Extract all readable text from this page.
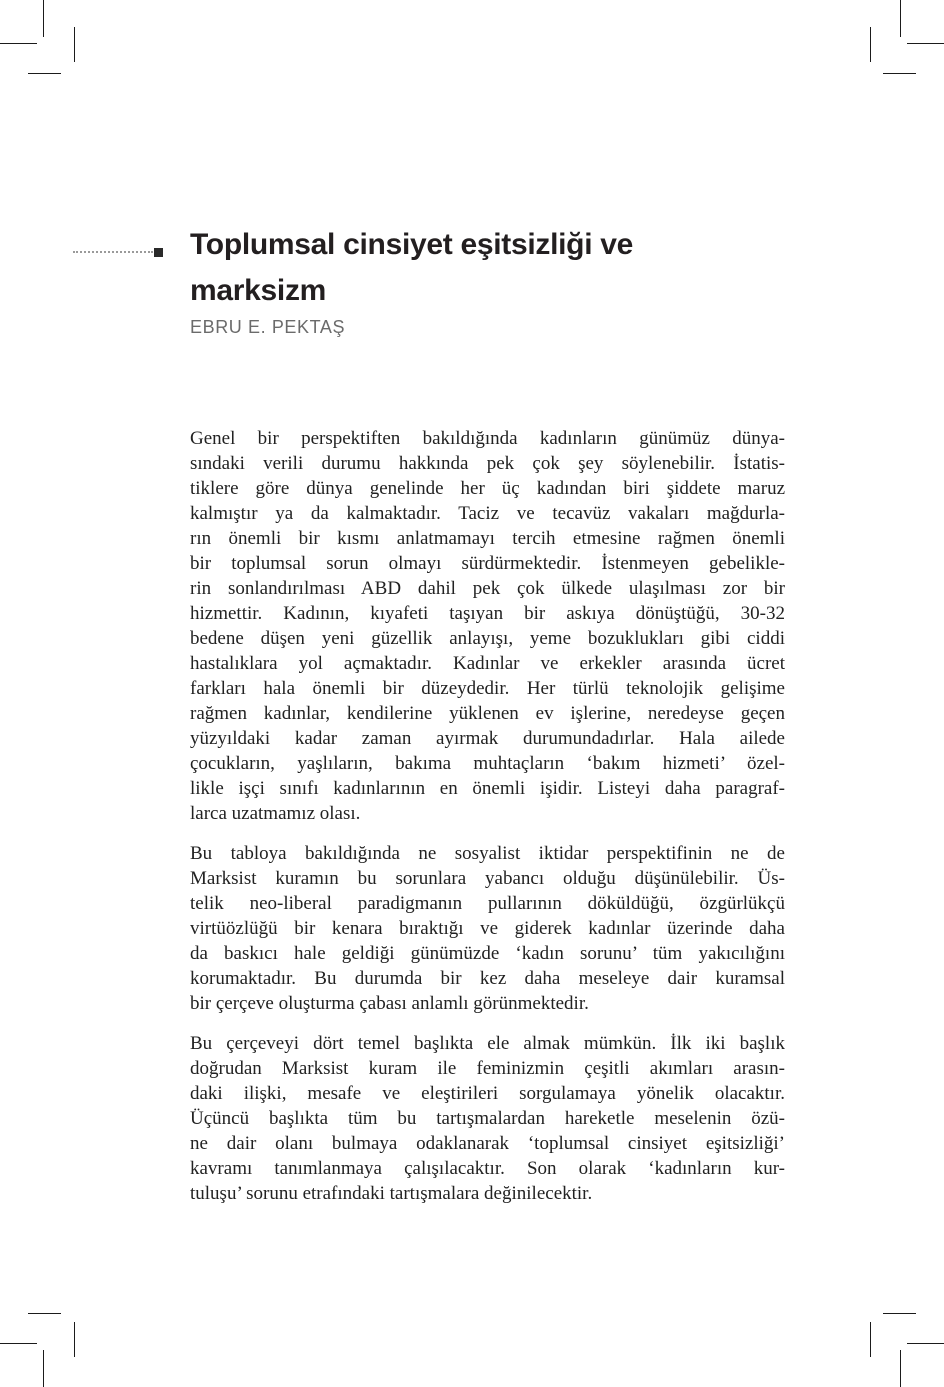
Toplumsal cinsiyet eşitsizliği ve
marksizm
EBRU E. PEKTAŞ
Genel bir perspektiften bakıldığında kadınların günümüz dünya-
sındaki verili durumu hakkında pek çok şey söylenebilir. İstatis-
tiklere göre dünya genelinde her üç kadından biri şiddete maruz
kalmıştır ya da kalmaktadır. Taciz ve tecavüz vakaları mağdurla-
rın önemli bir kısmı anlatmamayı tercih etmesine rağmen önemli
bir toplumsal sorun olmayı sürdürmektedir. İstenmeyen gebelikle-
rin sonlandırılması ABD dahil pek çok ülkede ulaşılması zor bir
hizmettir. Kadının, kıyafeti taşıyan bir askıya dönüştüğü, 30-32
bedene düşen yeni güzellik anlayışı, yeme bozuklukları gibi ciddi
hastalıklara yol açmaktadır. Kadınlar ve erkekler arasında ücret
farkları hala önemli bir düzeydedir. Her türlü teknolojik gelişime
rağmen kadınlar, kendilerine yüklenen ev işlerine, neredeyse geçen
yüzyıldaki kadar zaman ayırmak durumundadırlar. Hala ailede
çocukların, yaşlıların, bakıma muhtaçların ‘bakım hizmeti’ özel-
likle işçi sınıfı kadınlarının en önemli işidir. Listeyi daha paragraf-
larca uzatmamız olası.
Bu tabloya bakıldığında ne sosyalist iktidar perspektifinin ne de
Marksist kuramın bu sorunlara yabancı olduğu düşünülebilir. Üs-
telik neo-liberal paradigmanın pullarının döküldüğü, özgürlükçü
virtüözlüğü bir kenara bıraktığı ve giderek kadınlar üzerinde daha
da baskıcı hale geldiği günümüzde ‘kadın sorunu’ tüm yakıcılığını
korumaktadır. Bu durumda bir kez daha meseleye dair kuramsal
bir çerçeve oluşturma çabası anlamlı görünmektedir.
Bu çerçeveyi dört temel başlıkta ele almak mümkün. İlk iki başlık
doğrudan Marksist kuram ile feminizmin çeşitli akımları arasın-
daki ilişki, mesafe ve eleştirileri sorgulamaya yönelik olacaktır.
Üçüncü başlıkta tüm bu tartışmalardan hareketle meselenin özü-
ne dair olanı bulmaya odaklanarak ‘toplumsal cinsiyet eşitsizliği’
kavramı tanımlanmaya çalışılacaktır. Son olarak ‘kadınların kur-
tuluşu’ sorunu etrafındaki tartışmalara değinilecektir.
